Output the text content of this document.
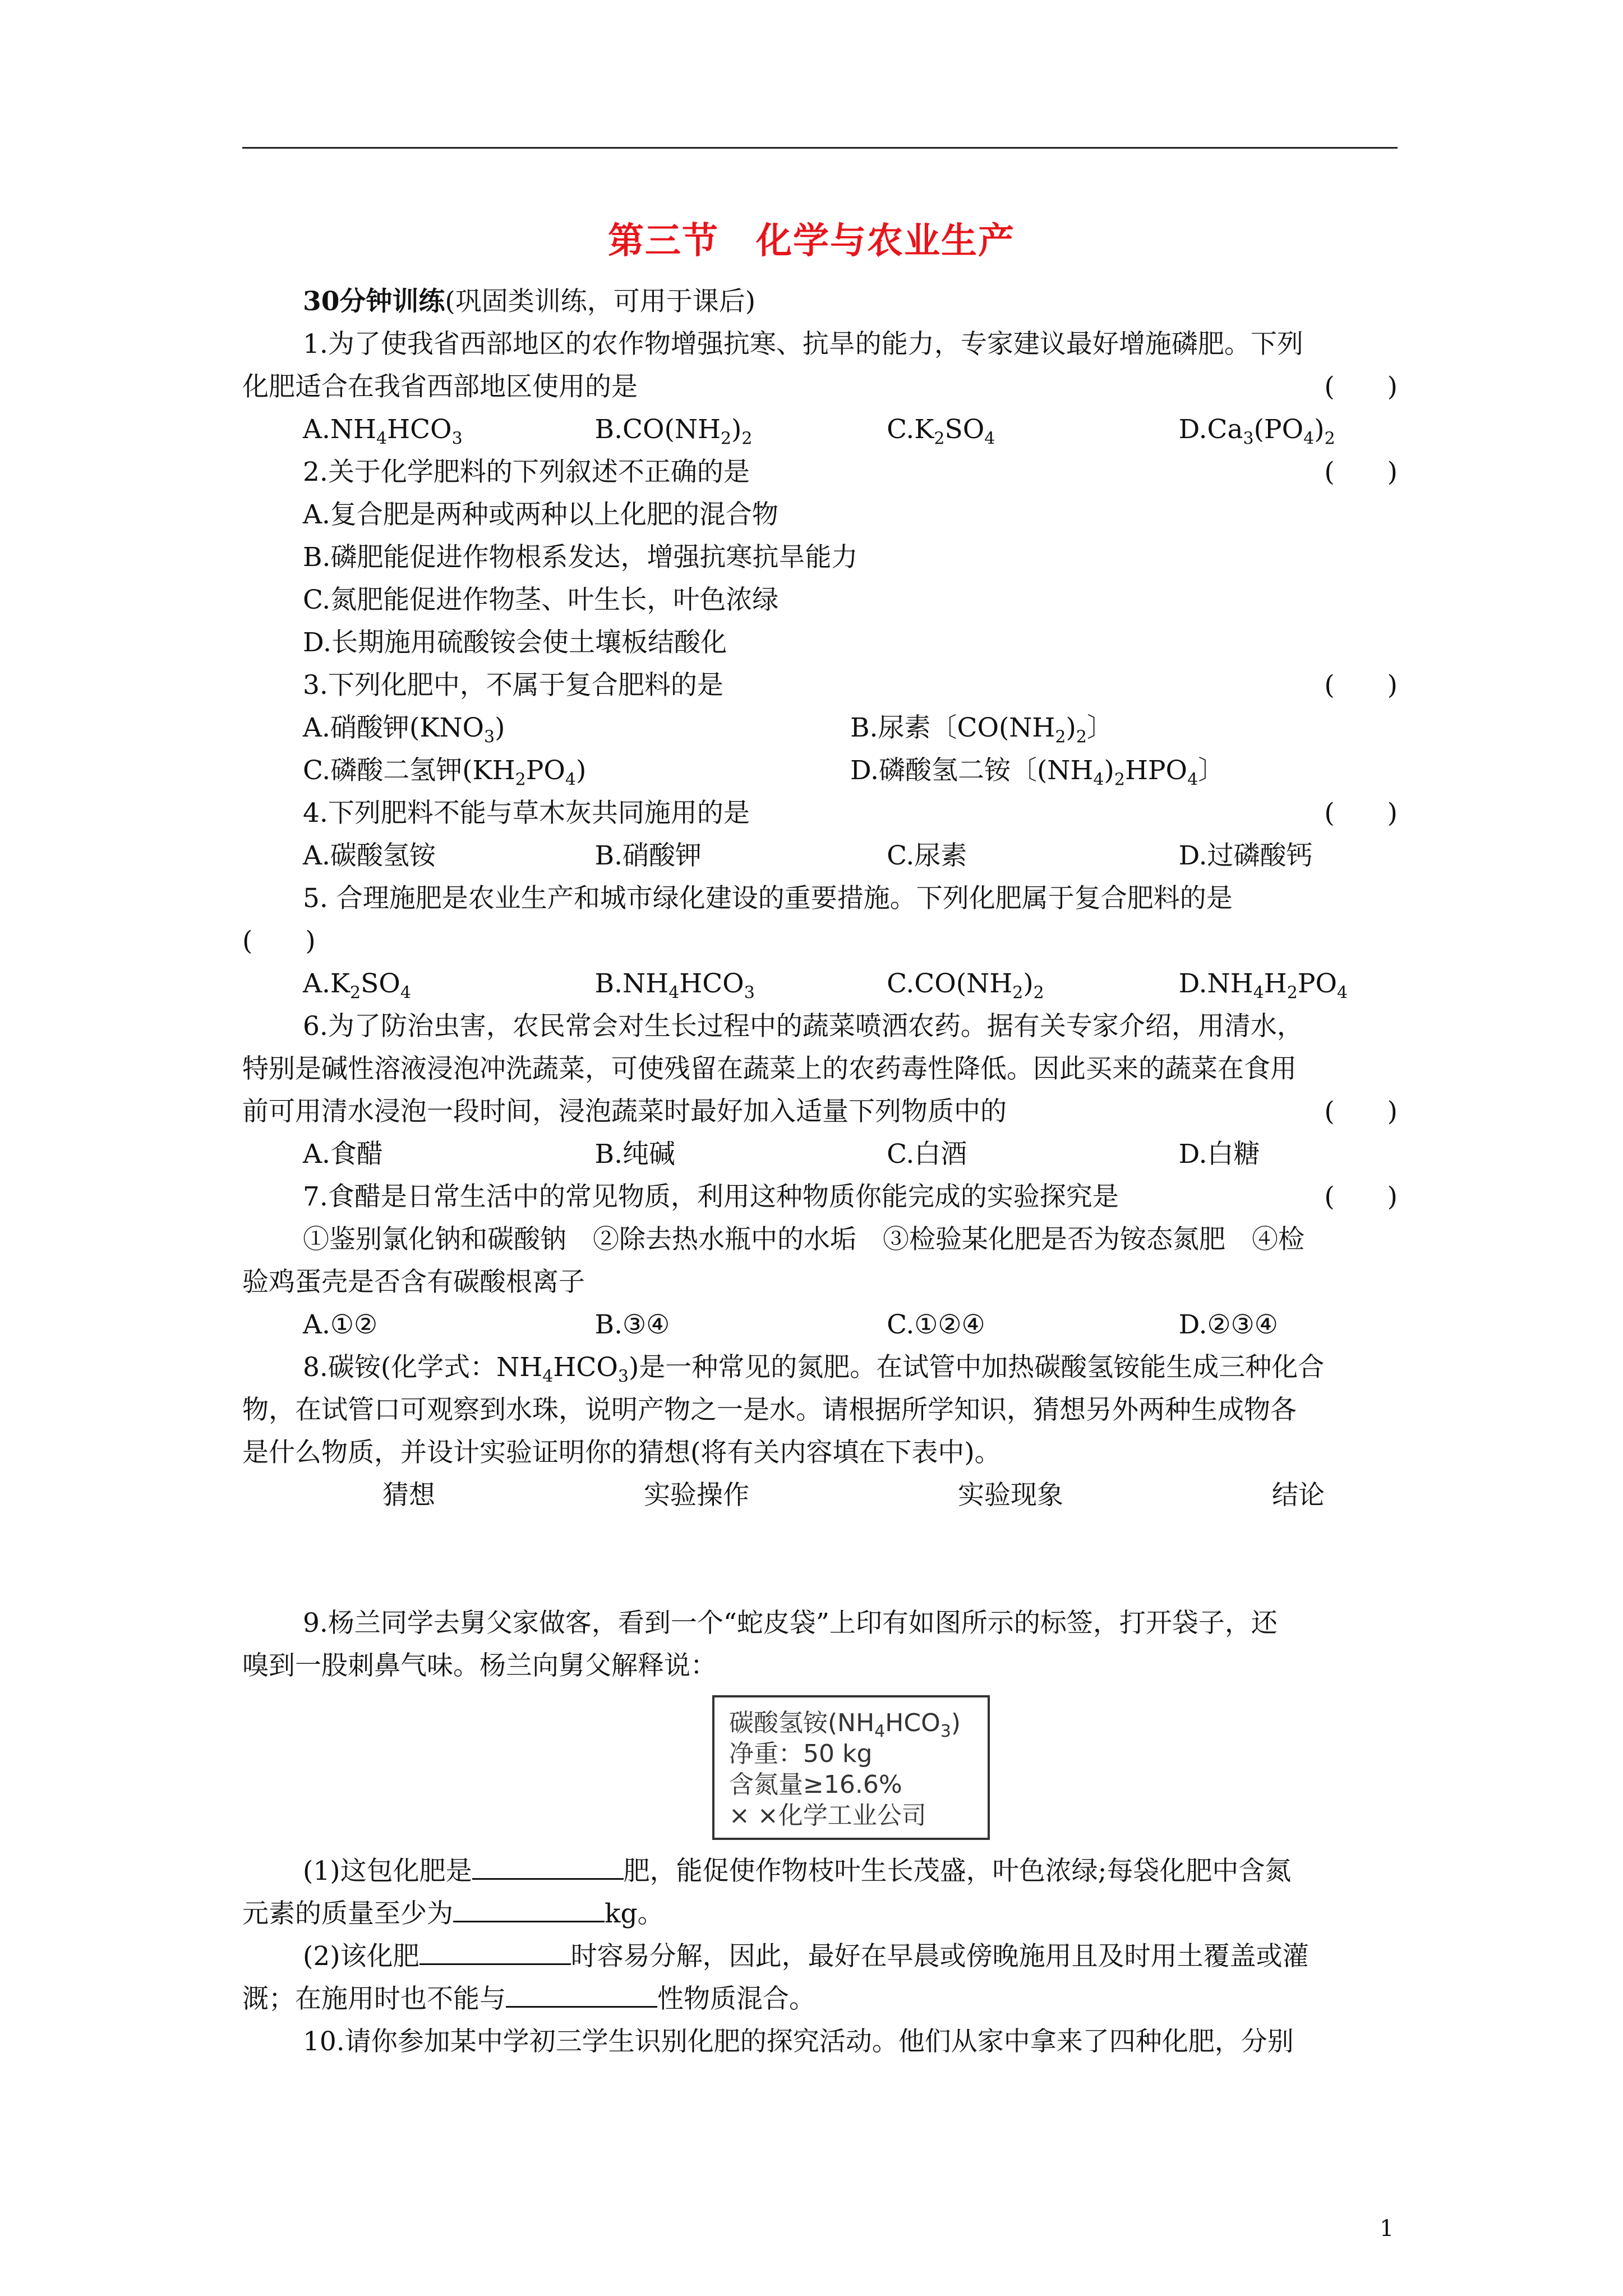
第三节　化学与农业生产
30分钟训练(巩固类训练，可用于课后)
1.为了使我省西部地区的农作物增强抗寒、抗旱的能力，专家建议最好增施磷肥。下列
化肥适合在我省西部地区使用的是	(　　)
$A.NH_4HCO_3$	$B.CO(NH_2)_2$	$C.K_2SO_4$	$D.Ca_3(PO_4)_2$
2.关于化学肥料的下列叙述不正确的是	(　　)
A.复合肥是两种或两种以上化肥的混合物
B.磷肥能促进作物根系发达，增强抗寒抗旱能力
C.氮肥能促进作物茎、叶生长，叶色浓绿
D.长期施用硫酸铵会使土壤板结酸化
3.下列化肥中，不属于复合肥料的是	(　　)
A.硝酸钾$(KNO_3)$	B.尿素〔$CO(NH_2)_2$〕
C.磷酸二氢钾$(KH_2PO_4)$	D.磷酸氢二铵〔$(NH_4)_2HPO_4$〕
4.下列肥料不能与草木灰共同施用的是	(　　)
A.碳酸氢铵	B.硝酸钾	C.尿素	D.过磷酸钙
5. 合理施肥是农业生产和城市绿化建设的重要措施。下列化肥属于复合肥料的是
(　　)
$A.K_2SO_4$	$B.NH_4HCO_3$	$C.CO(NH_2)_2$	$D.NH_4H_2PO_4$
6.为了防治虫害，农民常会对生长过程中的蔬菜喷洒农药。据有关专家介绍，用清水，
特别是碱性溶液浸泡冲洗蔬菜，可使残留在蔬菜上的农药毒性降低。因此买来的蔬菜在食用
前可用清水浸泡一段时间，浸泡蔬菜时最好加入适量下列物质中的	(　　)
A.食醋	B.纯碱	C.白酒	D.白糖
7.食醋是日常生活中的常见物质，利用这种物质你能完成的实验探究是	(　　)
①鉴别氯化钠和碳酸钠　②除去热水瓶中的水垢　③检验某化肥是否为铵态氮肥　④检
验鸡蛋壳是否含有碳酸根离子
A.①②	B.③④	C.①②④	D.②③④
8.碳铵(化学式：$NH_4HCO_3$)是一种常见的氮肥。在试管中加热碳酸氢铵能生成三种化合
物，在试管口可观察到水珠，说明产物之一是水。请根据所学知识，猜想另外两种生成物各
是什么物质，并设计实验证明你的猜想(将有关内容填在下表中)。
猜想	实验操作	实验现象	结论
9.杨兰同学去舅父家做客，看到一个“蛇皮袋”上印有如图所示的标签，打开袋子，还
嗅到一股刺鼻气味。杨兰向舅父解释说：
碳酸氢铵$(NH_4HCO_3)$
净重：50 kg
含氮量≥16.6%
× ×化学工业公司
(1)这包化肥是	肥，能促使作物枝叶生长茂盛，叶色浓绿;每袋化肥中含氮
元素的质量至少为	kg。
(2)该化肥	时容易分解，因此，最好在早晨或傍晚施用且及时用土覆盖或灌
溉；在施用时也不能与	性物质混合。
10.请你参加某中学初三学生识别化肥的探究活动。他们从家中拿来了四种化肥，分别
1
